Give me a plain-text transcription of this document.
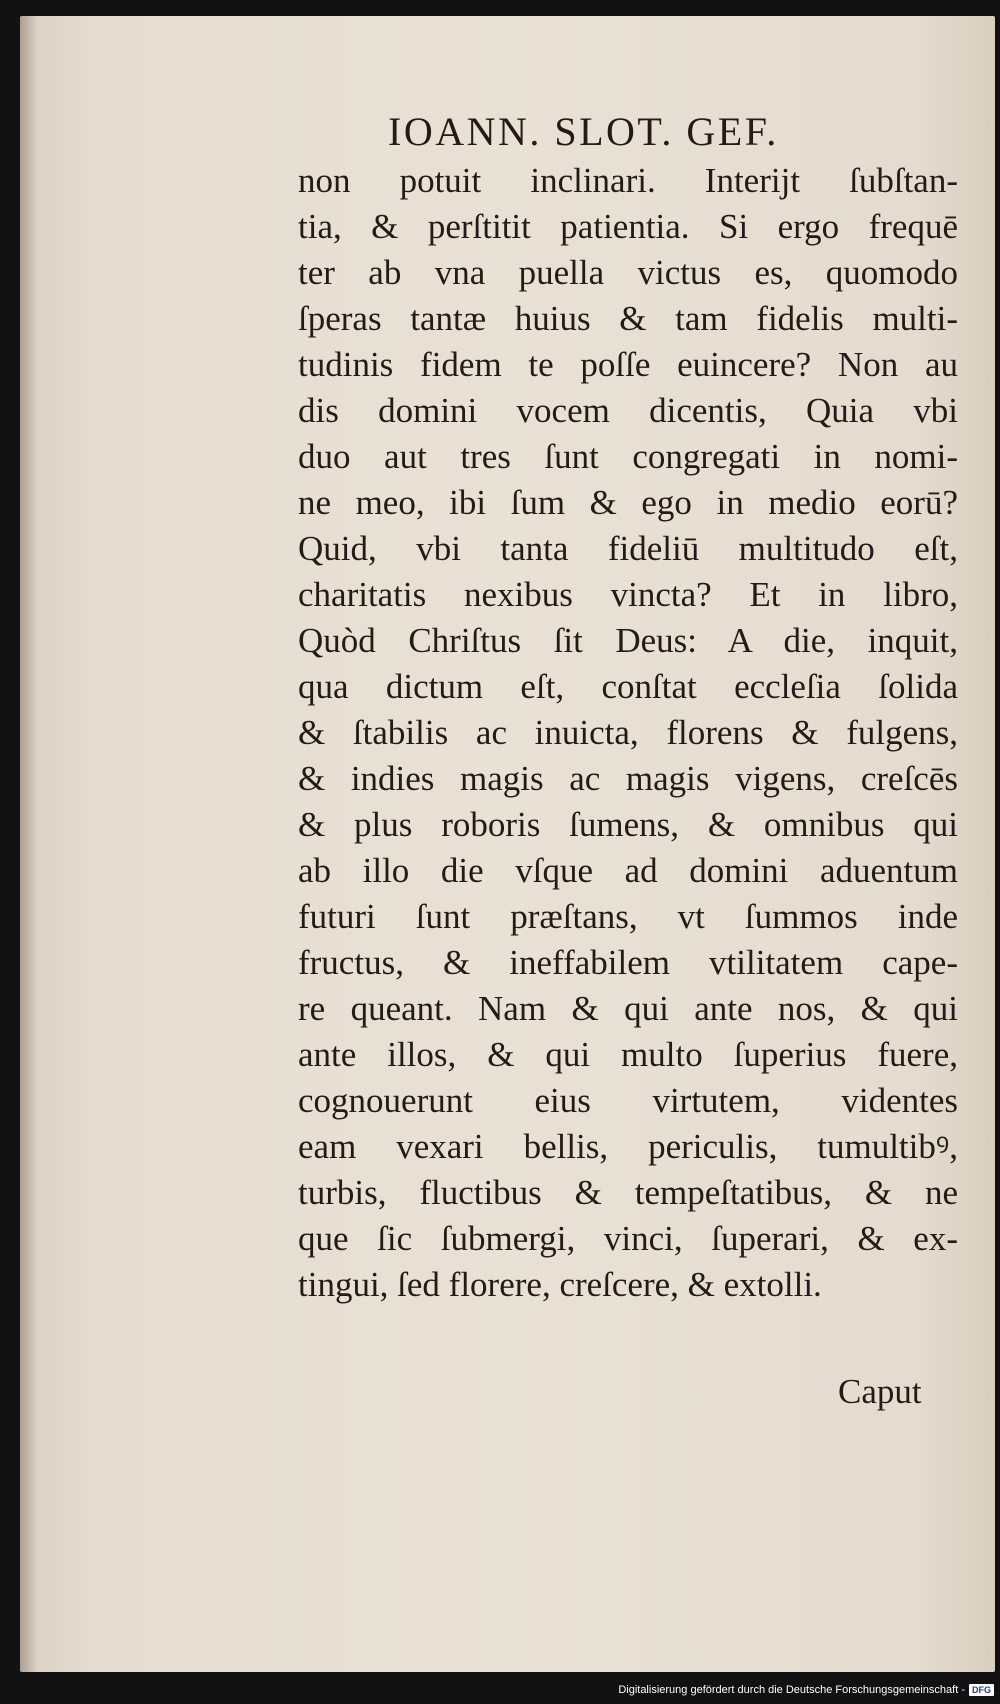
IOANN. SLOT. GEF.
non potuit inclinari. Interijt ſubſtan-
tia, & perſtitit patientia. Si ergo frequē
ter ab vna puella victus es, quomodo
ſperas tantæ huius & tam fidelis multi-
tudinis fidem te poſſe euincere? Non au
dis domini vocem dicentis, Quia vbi
duo aut tres ſunt congregati in nomi-
ne meo, ibi ſum & ego in medio eorū?
Quid, vbi tanta fideliū multitudo eſt,
charitatis nexibus vincta? Et in libro,
Quòd Chriſtus ſit Deus: A die, inquit,
qua dictum eſt, conſtat eccleſia ſolida
& ſtabilis ac inuicta, florens & fulgens,
& indies magis ac magis vigens, creſcēs
& plus roboris ſumens, & omnibus qui
ab illo die vſque ad domini aduentum
futuri ſunt præſtans, vt ſummos inde
fructus, & ineffabilem vtilitatem cape-
re queant. Nam & qui ante nos, & qui
ante illos, & qui multo ſuperius fuere,
cognouerunt eius virtutem, videntes
eam vexari bellis, periculis, tumultibꝰ,
turbis, fluctibus & tempeſtatibus, & ne
que ſic ſubmergi, vinci, ſuperari, & ex-
tingui, ſed florere, creſcere, & extolli.
Caput
Digitalisierung gefördert durch die Deutsche Forschungsgemeinschaft - DFG
